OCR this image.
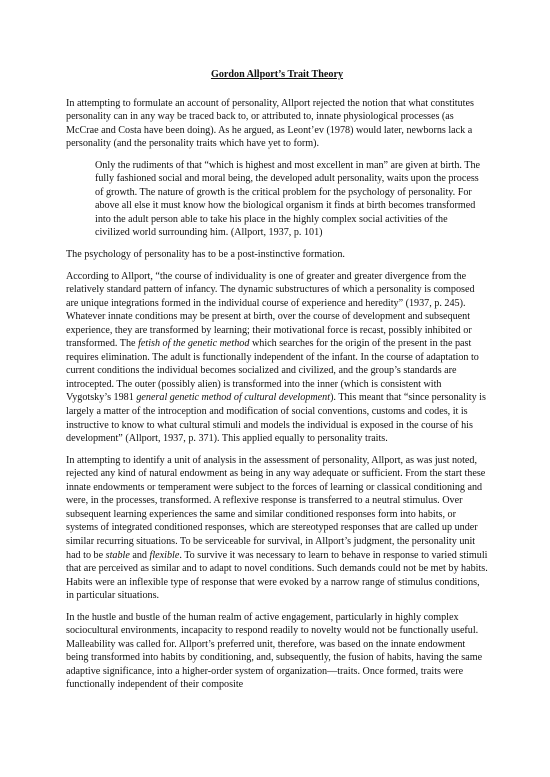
Gordon Allport’s Trait Theory

In attempting to formulate an account of personality, Allport rejected the notion that what constitutes personality can in any way be traced back to, or attributed to, innate physiological processes (as McCrae and Costa have been doing). As he argued, as Leont’ev (1978) would later, newborns lack a personality (and the personality traits which have yet to form).

Only the rudiments of that “which is highest and most excellent in man” are given at birth. The fully fashioned social and moral being, the developed adult personality, waits upon the process of growth. The nature of growth is the critical problem for the psychology of personality. For above all else it must know how the biological organism it finds at birth becomes transformed into the adult person able to take his place in the highly complex social activities of the civilized world surrounding him. (Allport, 1937, p. 101)

The psychology of personality has to be a post-instinctive formation.

According to Allport, “the course of individuality is one of greater and greater divergence from the relatively standard pattern of infancy. The dynamic substructures of which a personality is composed are unique integrations formed in the individual course of experience and heredity” (1937, p. 245). Whatever innate conditions may be present at birth, over the course of development and subsequent experience, they are transformed by learning; their motivational force is recast, possibly inhibited or transformed. The fetish of the genetic method which searches for the origin of the present in the past requires elimination. The adult is functionally independent of the infant. In the course of adaptation to current conditions the individual becomes socialized and civilized, and the group’s standards are introcepted. The outer (possibly alien) is transformed into the inner (which is consistent with Vygotsky’s 1981 general genetic method of cultural development). This meant that “since personality is largely a matter of the introception and modification of social conventions, customs and codes, it is instructive to know to what cultural stimuli and models the individual is exposed in the course of his development” (Allport, 1937, p. 371). This applied equally to personality traits.

In attempting to identify a unit of analysis in the assessment of personality, Allport, as was just noted, rejected any kind of natural endowment as being in any way adequate or sufficient. From the start these innate endowments or temperament were subject to the forces of learning or classical conditioning and were, in the processes, transformed. A reflexive response is transferred to a neutral stimulus. Over subsequent learning experiences the same and similar conditioned responses form into habits, or systems of integrated conditioned responses, which are stereotyped responses that are called up under similar recurring situations. To be serviceable for survival, in Allport’s judgment, the personality unit had to be stable and flexible. To survive it was necessary to learn to behave in response to varied stimuli that are perceived as similar and to adapt to novel conditions. Such demands could not be met by habits. Habits were an inflexible type of response that were evoked by a narrow range of stimulus conditions, in particular situations.

In the hustle and bustle of the human realm of active engagement, particularly in highly complex sociocultural environments, incapacity to respond readily to novelty would not be functionally useful. Malleability was called for. Allport’s preferred unit, therefore, was based on the innate endowment being transformed into habits by conditioning, and, subsequently, the fusion of habits, having the same adaptive significance, into a higher-order system of organization—traits. Once formed, traits were functionally independent of their composite
